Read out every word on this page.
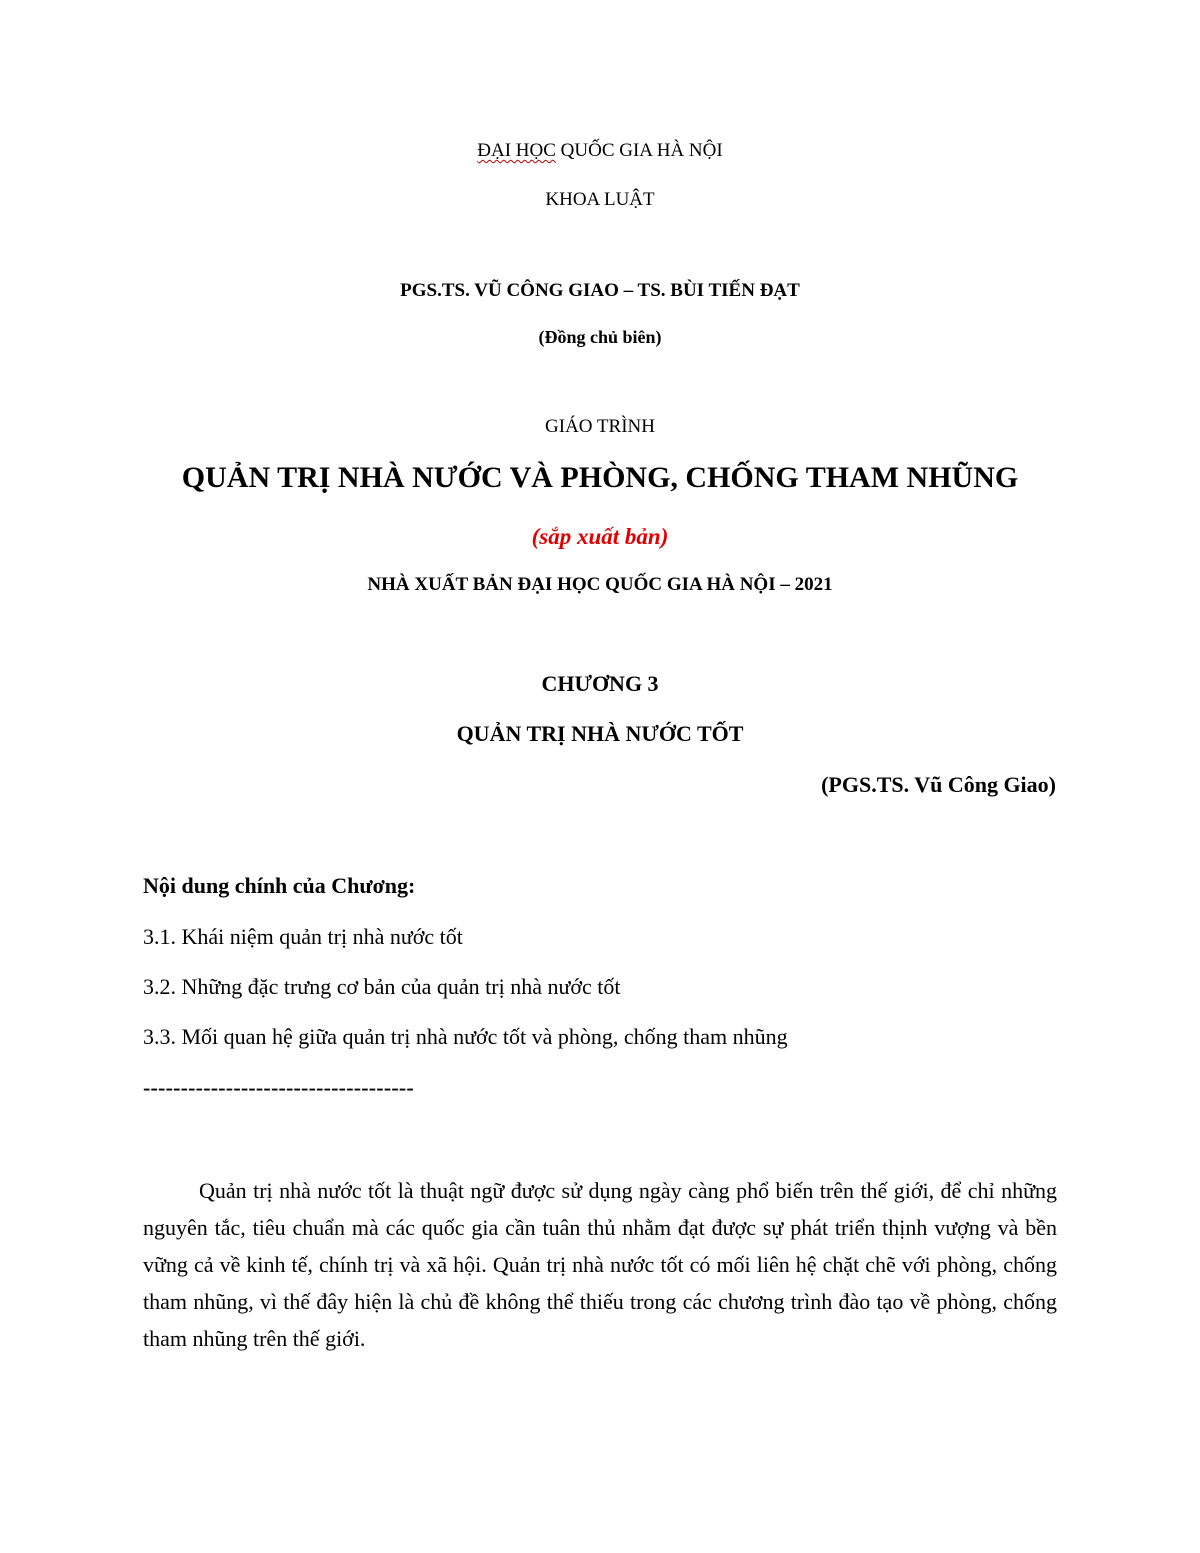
ĐẠI HỌC QUỐC GIA HÀ NỘI
KHOA LUẬT
PGS.TS. VŨ CÔNG GIAO – TS. BÙI TIẾN ĐẠT
(Đồng chủ biên)
GIÁO TRÌNH
QUẢN TRỊ NHÀ NƯỚC VÀ PHÒNG, CHỐNG THAM NHŨNG
(sắp xuất bản)
NHÀ XUẤT BẢN ĐẠI HỌC QUỐC GIA HÀ NỘI – 2021
CHƯƠNG 3
QUẢN TRỊ NHÀ NƯỚC TỐT
(PGS.TS. Vũ Công Giao)
Nội dung chính của Chương:
3.1. Khái niệm quản trị nhà nước tốt
3.2. Những đặc trưng cơ bản của quản trị nhà nước tốt
3.3. Mối quan hệ giữa quản trị nhà nước tốt và phòng, chống tham nhũng
------------------------------------

Quản trị nhà nước tốt là thuật ngữ được sử dụng ngày càng phổ biến trên thế giới, để chỉ những nguyên tắc, tiêu chuẩn mà các quốc gia cần tuân thủ nhằm đạt được sự phát triển thịnh vượng và bền vững cả về kinh tế, chính trị và xã hội. Quản trị nhà nước tốt có mối liên hệ chặt chẽ với phòng, chống tham nhũng, vì thế đây hiện là chủ đề không thể thiếu trong các chương trình đào tạo về phòng, chống tham nhũng trên thế giới.
